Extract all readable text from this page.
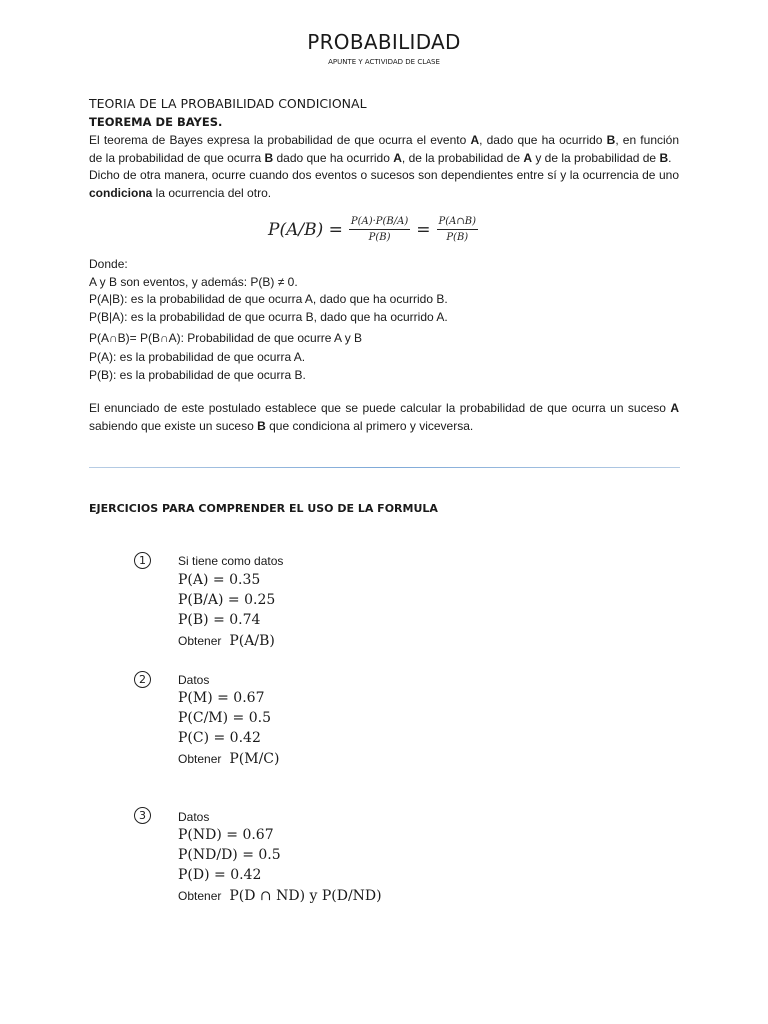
PROBABILIDAD
APUNTE Y ACTIVIDAD DE CLASE
TEORIA DE LA PROBABILIDAD CONDICIONAL
TEOREMA DE BAYES.
El teorema de Bayes expresa la probabilidad de que ocurra el evento A, dado que ha ocurrido B, en función de la probabilidad de que ocurra B dado que ha ocurrido A, de la probabilidad de A y de la probabilidad de B.
Dicho de otra manera, ocurre cuando dos eventos o sucesos son dependientes entre sí y la ocurrencia de uno condiciona la ocurrencia del otro.
$P(A/B) = \frac{P(A)\cdot P(B/A)}{P(B)} = \frac{P(A\cap B)}{P(B)}$
Donde:
A y B son eventos, y además: P(B) ≠ 0.
P(A|B): es la probabilidad de que ocurra A, dado que ha ocurrido B.
P(B|A): es la probabilidad de que ocurra B, dado que ha ocurrido A.
P(A∩B)= P(B∩A): Probabilidad de que ocurre A y B
P(A): es la probabilidad de que ocurra A.
P(B): es la probabilidad de que ocurra B.
El enunciado de este postulado establece que se puede calcular la probabilidad de que ocurra un suceso A sabiendo que existe un suceso B que condiciona al primero y viceversa.
EJERCICIOS PARA COMPRENDER EL USO DE LA FORMULA
1	Si tiene como datos
P(A) = 0.35
P(B/A) = 0.25
P(B) = 0.74
Obtener P(A/B)
2	Datos
P(M) = 0.67
P(C/M) = 0.5
P(C) = 0.42
Obtener P(M/C)
3	Datos
P(ND) = 0.67
P(ND/D) = 0.5
P(D) = 0.42
Obtener P(D ∩ ND) y P(D/ND)
